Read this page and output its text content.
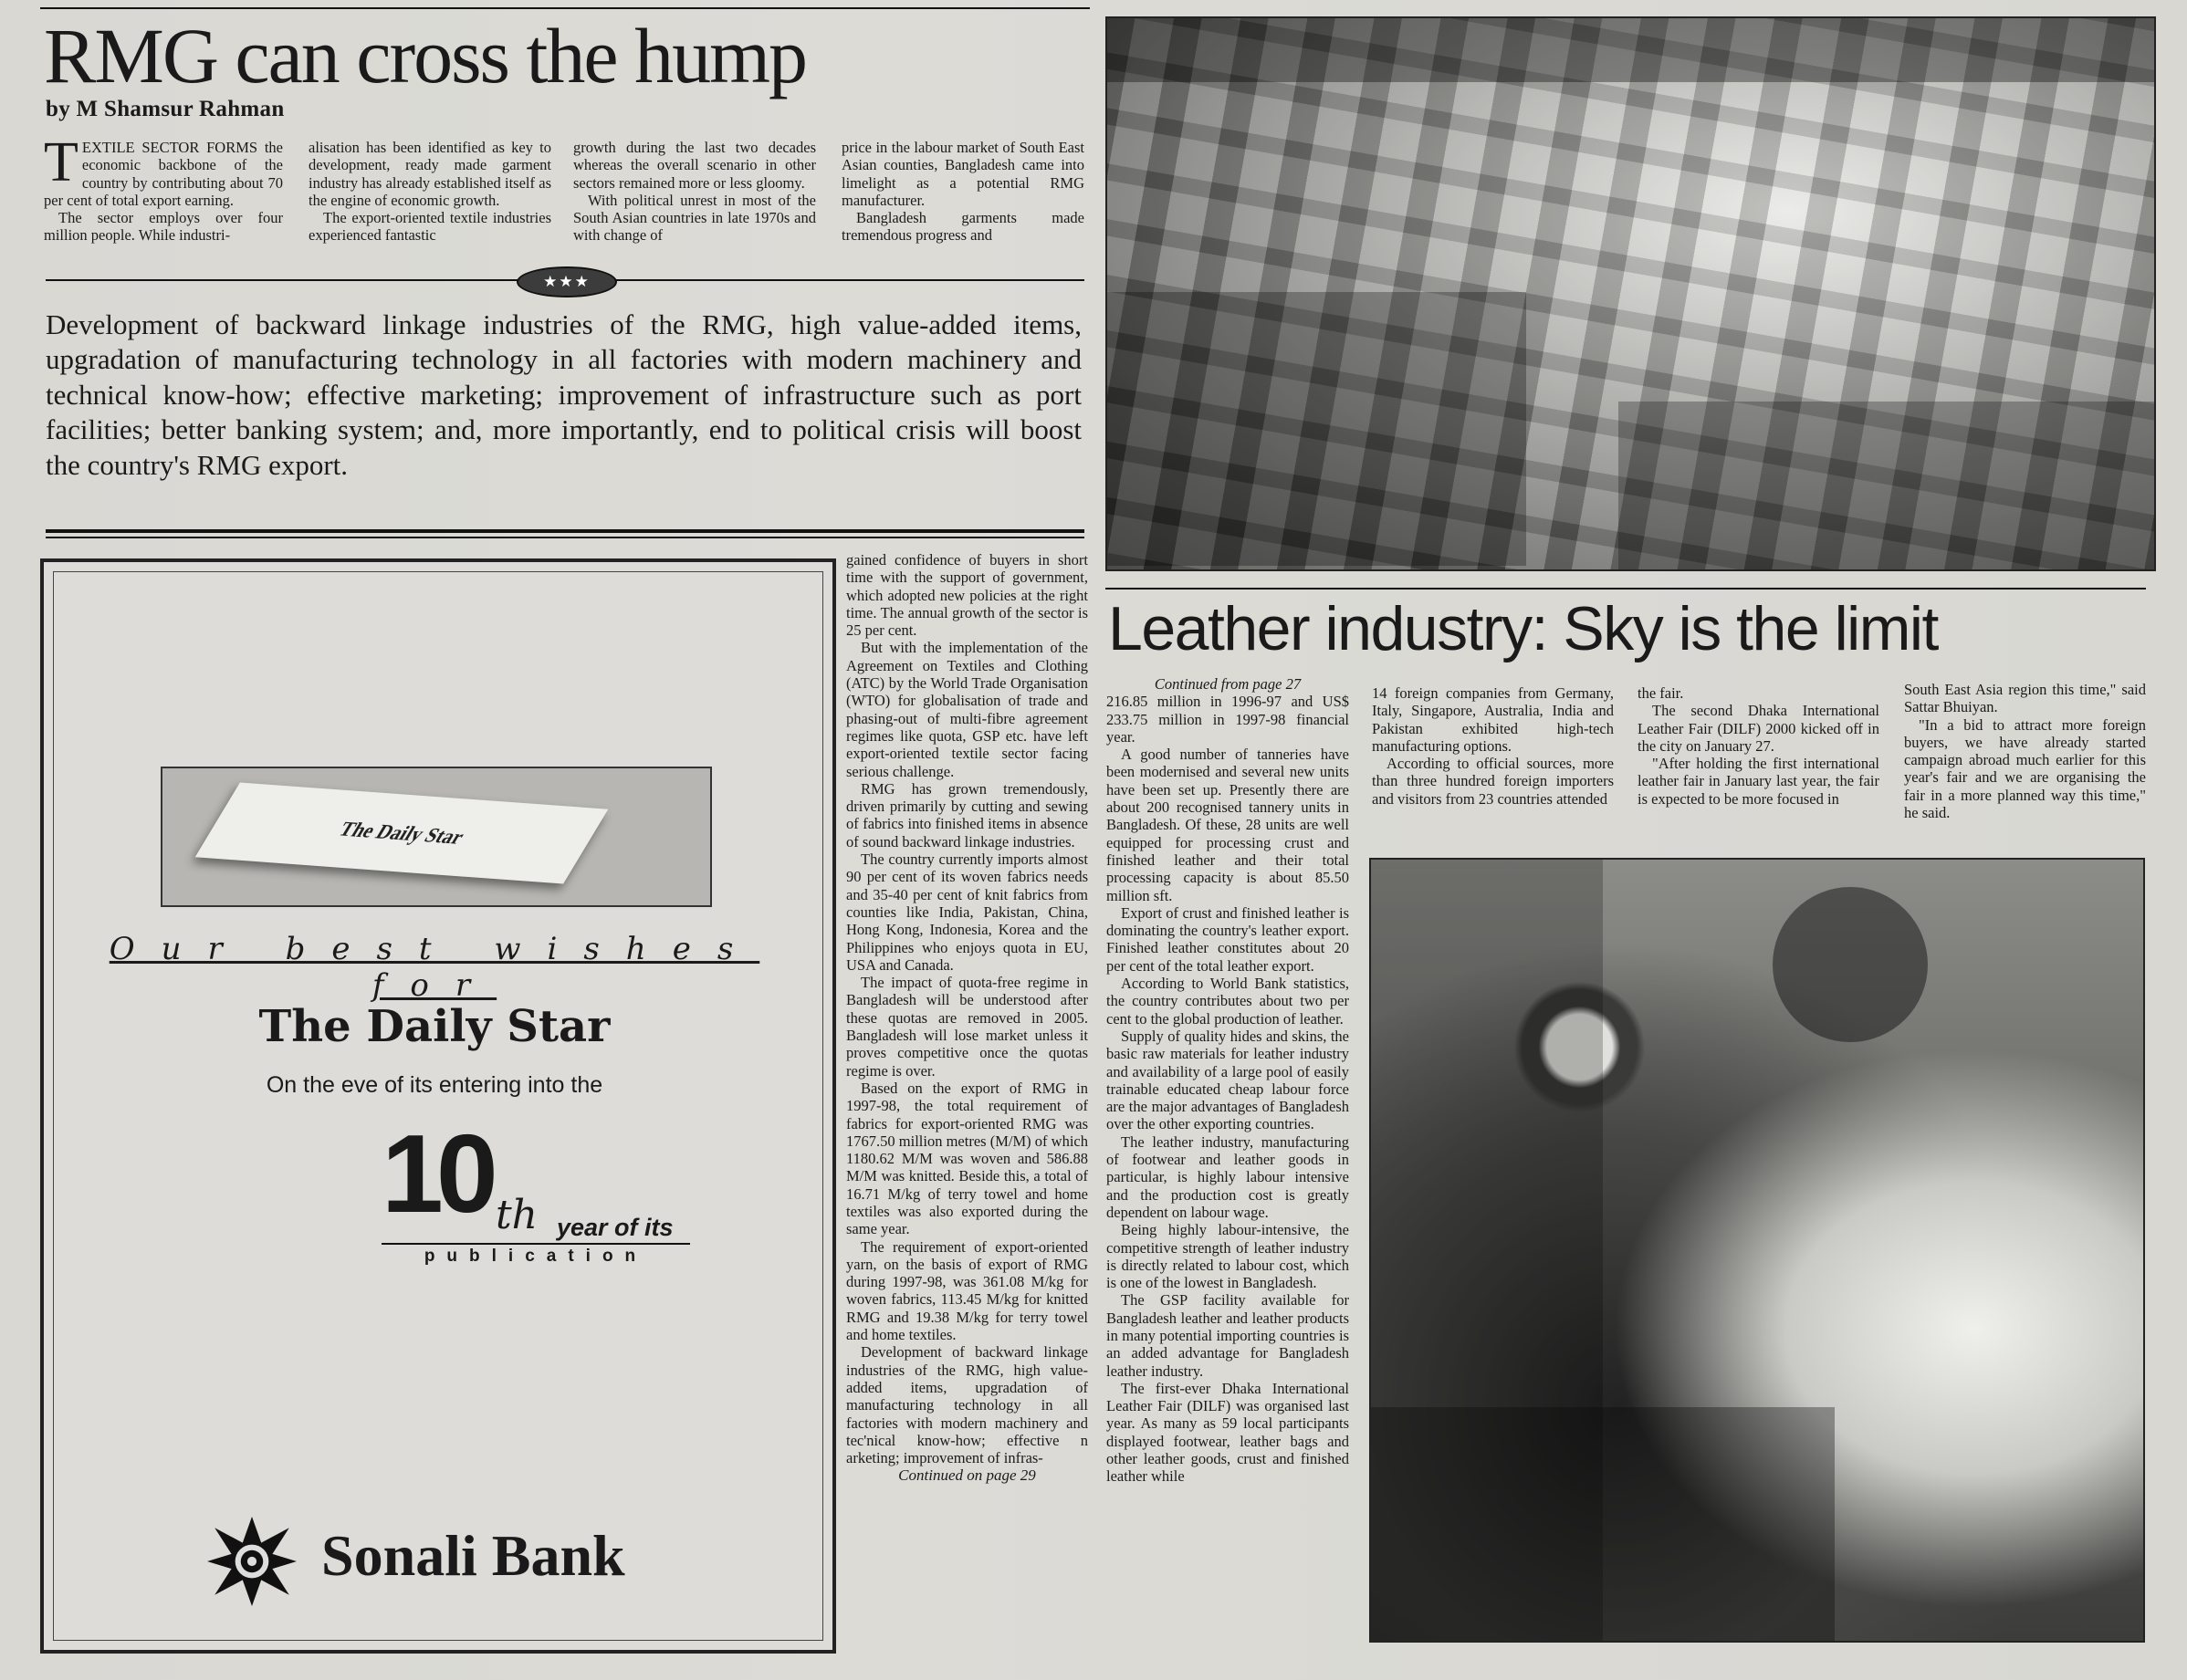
RMG can cross the hump
by M Shamsur Rahman

TEXTILE SECTOR FORMS the economic backbone of the country by contributing about 70 per cent of total export earning.

The sector employs over four million people. While industri-

alisation has been identified as key to development, ready made garment industry has already established itself as the engine of economic growth.

The export-oriented textile industries experienced fantastic

growth during the last two decades whereas the overall scenario in other sectors remained more or less gloomy.

With political unrest in most of the South Asian countries in late 1970s and with change of

price in the labour market of South East Asian counties, Bangladesh came into limelight as a potential RMG manufacturer.

Bangladesh garments made tremendous progress and

★★★
Development of backward linkage industries of the RMG, high value-added items, upgradation of manufacturing technology in all factories with modern machinery and technical know-how; effective marketing; improvement of infrastructure such as port facilities; better banking system; and, more importantly, end to political crisis will boost the country's RMG export.

gained confidence of buyers in short time with the support of government, which adopted new policies at the right time. The annual growth of the sector is 25 per cent.

But with the implementation of the Agreement on Textiles and Clothing (ATC) by the World Trade Organisation (WTO) for globalisation of trade and phasing-out of multi-fibre agreement regimes like quota, GSP etc. have left export-oriented textile sector facing serious challenge.

RMG has grown tremendously, driven primarily by cutting and sewing of fabrics into finished items in absence of sound backward linkage industries.

The country currently imports almost 90 per cent of its woven fabrics needs and 35-40 per cent of knit fabrics from counties like India, Pakistan, China, Hong Kong, Indonesia, Korea and the Philippines who enjoys quota in EU, USA and Canada.

The impact of quota-free regime in Bangladesh will be understood after these quotas are removed in 2005. Bangladesh will lose market unless it proves competitive once the quotas regime is over.

Based on the export of RMG in 1997-98, the total requirement of fabrics for export-oriented RMG was 1767.50 million metres (M/M) of which 1180.62 M/M was woven and 586.88 M/M was knitted. Beside this, a total of 16.71 M/kg of terry towel and home textiles was also exported during the same year.

The requirement of export-oriented yarn, on the basis of export of RMG during 1997-98, was 361.08 M/kg for woven fabrics, 113.45 M/kg for knitted RMG and 19.38 M/kg for terry towel and home textiles.

Development of backward linkage industries of the RMG, high value-added items, upgradation of manufacturing technology in all factories with modern machinery and tec'nical know-how; effective n arketing; improvement of infras-

Continued on page 29
Leather industry: Sky is the limit

Continued from page 27

216.85 million in 1996-97 and US$ 233.75 million in 1997-98 financial year.

A good number of tanneries have been modernised and several new units have been set up. Presently there are about 200 recognised tannery units in Bangladesh. Of these, 28 units are well equipped for processing crust and finished leather and their total processing capacity is about 85.50 million sft.

Export of crust and finished leather is dominating the country's leather export. Finished leather constitutes about 20 per cent of the total leather export.

According to World Bank statistics, the country contributes about two per cent to the global production of leather.

Supply of quality hides and skins, the basic raw materials for leather industry and availability of a large pool of easily trainable educated cheap labour force are the major advantages of Bangladesh over the other exporting countries.

The leather industry, manufacturing of footwear and leather goods in particular, is highly labour intensive and the production cost is greatly dependent on labour wage.

Being highly labour-intensive, the competitive strength of leather industry is directly related to labour cost, which is one of the lowest in Bangladesh.

The GSP facility available for Bangladesh leather and leather products in many potential importing countries is an added advantage for Bangladesh leather industry.

The first-ever Dhaka International Leather Fair (DILF) was organised last year. As many as 59 local participants displayed footwear, leather bags and other leather goods, crust and finished leather while

14 foreign companies from Germany, Italy, Singapore, Australia, India and Pakistan exhibited high-tech manufacturing options.

According to official sources, more than three hundred foreign importers and visitors from 23 countries attended

the fair.

The second Dhaka International Leather Fair (DILF) 2000 kicked off in the city on January 27.

"After holding the first international leather fair in January last year, the fair is expected to be more focused in

South East Asia region this time," said Sattar Bhuiyan.

"In a bid to attract more foreign buyers, we have already started campaign abroad much earlier for this year's fair and we are organising the fair in a more planned way this time," he said.

The Daily Star
Our best wishes for
The Daily Star
On the eve of its entering into the
10 th year of its
publication
Sonali Bank
